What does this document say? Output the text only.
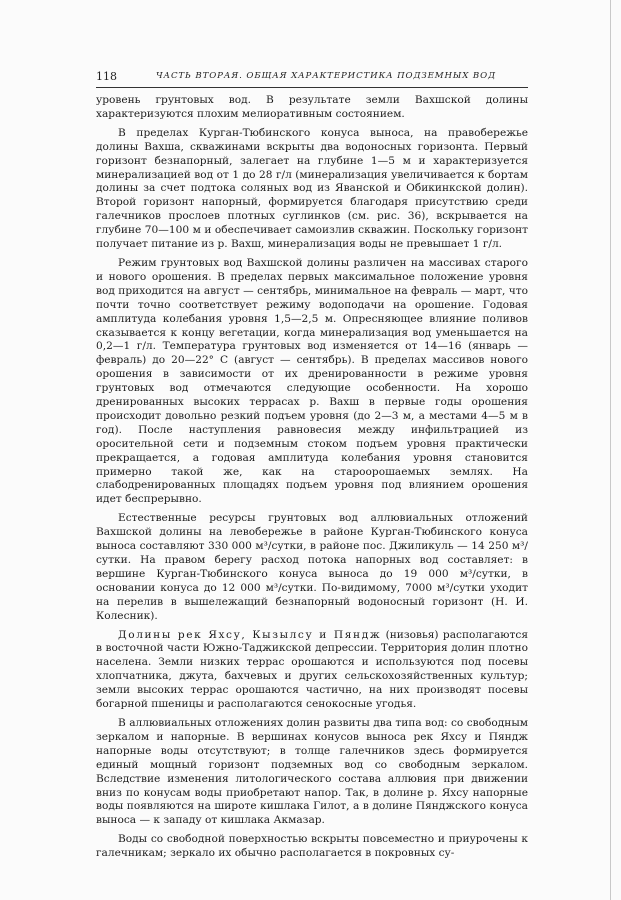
118	ЧАСТЬ ВТОРАЯ. ОБЩАЯ ХАРАКТЕРИСТИКА ПОДЗЕМНЫХ ВОД

уровень грунтовых вод. В результате земли Вахшской долины характеризуются плохим мелиоративным состоянием.

В пределах Курган-Тюбинского конуса выноса, на правобережье долины Вахша, скважинами вскрыты два водоносных горизонта. Первый горизонт безнапорный, залегает на глубине 1—5 м и характеризуется минерализацией вод от 1 до 28 г/л (минерализация увеличивается к бортам долины за счет подтока соляных вод из Яванской и Обикинкской долин). Второй горизонт напорный, формируется благодаря присутствию среди галечников прослоев плотных суглинков (см. рис. 36), вскрывается на глубине 70—100 м и обеспечивает самоизлив скважин. Поскольку горизонт получает питание из р. Вахш, минерализация воды не превышает 1 г/л.

Режим грунтовых вод Вахшской долины различен на массивах старого и нового орошения. В пределах первых максимальное положение уровня вод приходится на август — сентябрь, минимальное на февраль — март, что почти точно соответствует режиму водоподачи на орошение. Годовая амплитуда колебания уровня 1,5—2,5 м. Опресняющее влияние поливов сказывается к концу вегетации, когда минерализация вод уменьшается на 0,2—1 г/л. Температура грунтовых вод изменяется от 14—16 (январь — февраль) до 20—22° С (август — сентябрь). В пределах массивов нового орошения в зависимости от их дренированности в режиме уровня грунтовых вод отмечаются следующие особенности. На хорошо дренированных высоких террасах р. Вахш в первые годы орошения происходит довольно резкий подъем уровня (до 2—3 м, а местами 4—5 м в год). После наступления равновесия между инфильтрацией из оросительной сети и подземным стоком подъем уровня практически прекращается, а годовая амплитуда колебания уровня становится примерно такой же, как на староорошаемых землях. На слабодренированных площадях подъем уровня под влиянием орошения идет беспрерывно.

Естественные ресурсы грунтовых вод аллювиальных отложений Вахшской долины на левобережье в районе Курган-Тюбинского конуса выноса составляют 330 000 м³/сутки, в районе пос. Джиликуль — 14 250 м³/сутки. На правом берегу расход потока напорных вод составляет: в вершине Курган-Тюбинского конуса выноса до 19 000 м³/сутки, в основании конуса до 12 000 м³/сутки. По-видимому, 7000 м³/сутки уходит на перелив в вышележащий безнапорный водоносный горизонт (Н. И. Колесник).

Долины рек Яхсу, Кызылсу и Пяндж (низовья) располагаются в восточной части Южно-Таджикской депрессии. Территория долин плотно населена. Земли низких террас орошаются и используются под посевы хлопчатника, джута, бахчевых и других сельскохозяйственных культур; земли высоких террас орошаются частично, на них производят посевы богарной пшеницы и располагаются сенокосные угодья.

В аллювиальных отложениях долин развиты два типа вод: со свободным зеркалом и напорные. В вершинах конусов выноса рек Яхсу и Пяндж напорные воды отсутствуют; в толще галечников здесь формируется единый мощный горизонт подземных вод со свободным зеркалом. Вследствие изменения литологического состава аллювия при движении вниз по конусам воды приобретают напор. Так, в долине р. Яхсу напорные воды появляются на широте кишлака Гилот, а в долине Пянджского конуса выноса — к западу от кишлака Акмазар.

Воды со свободной поверхностью вскрыты повсеместно и приурочены к галечникам; зеркало их обычно располагается в покровных су-
